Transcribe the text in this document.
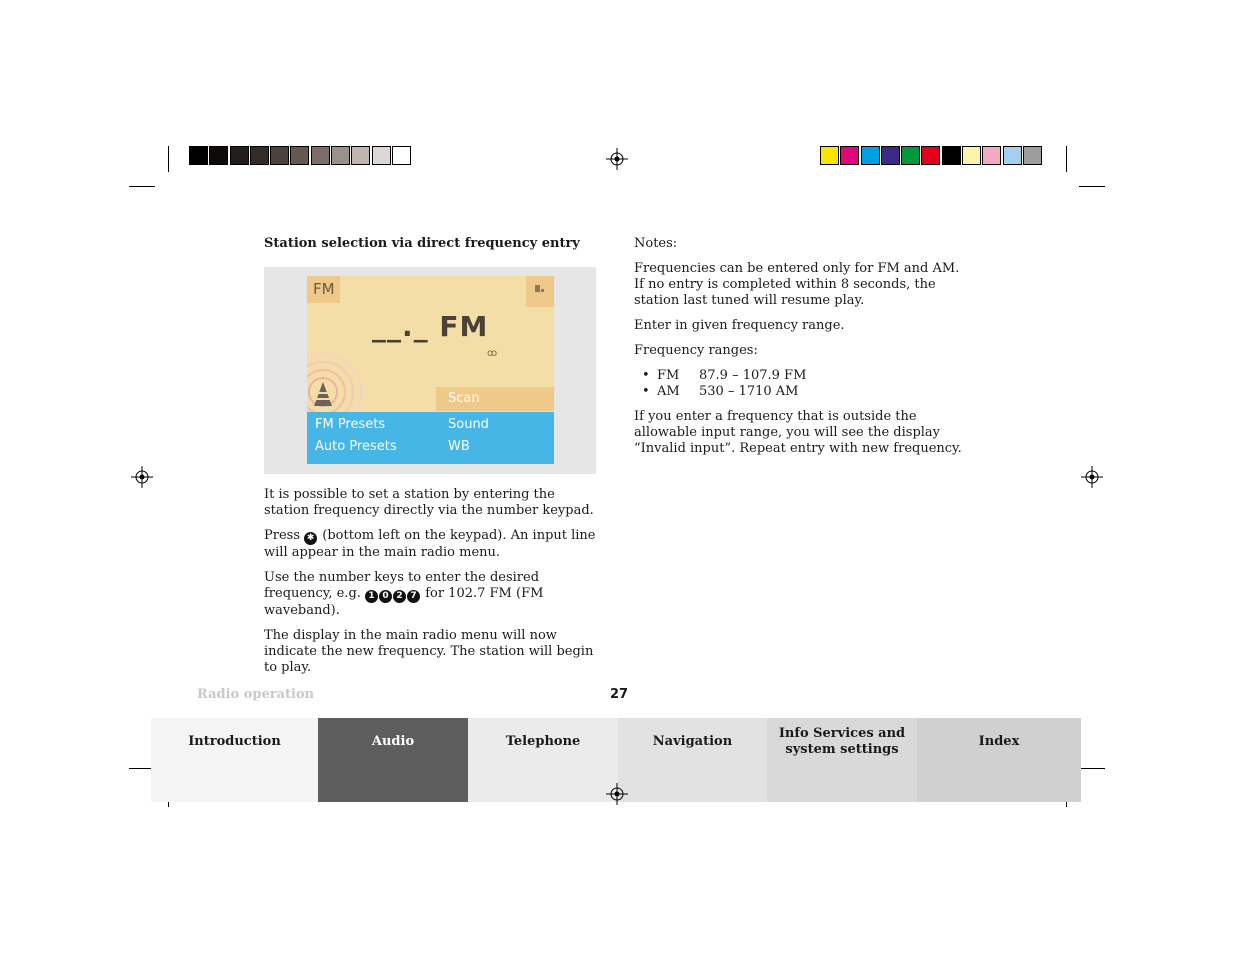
Station selection via direct frequency entry
FM
__._ FM
ꝏ
Scan
FM Presets	Sound
Auto Presets	WB

It is possible to set a station by entering the station frequency directly via the number keypad.

Press ✱ (bottom left on the keypad). An input line will appear in the main radio menu.

Use the number keys to enter the desired frequency, e.g. 1 0 2 7 for 102.7 FM (FM waveband).

The display in the main radio menu will now indicate the new frequency. The station will begin to play.

Notes:

Frequencies can be entered only for FM and AM. If no entry is completed within 8 seconds, the station last tuned will resume play.

Enter in given frequency range.

Frequency ranges:

• FM 87.9 – 107.9 FM
• AM 530 – 1710 AM

If you enter a frequency that is outside the allowable input range, you will see the display “Invalid input”. Repeat entry with new frequency.

Radio operation	27
Introduction	Audio	Telephone	Navigation
Info Services and
system settings
Index
